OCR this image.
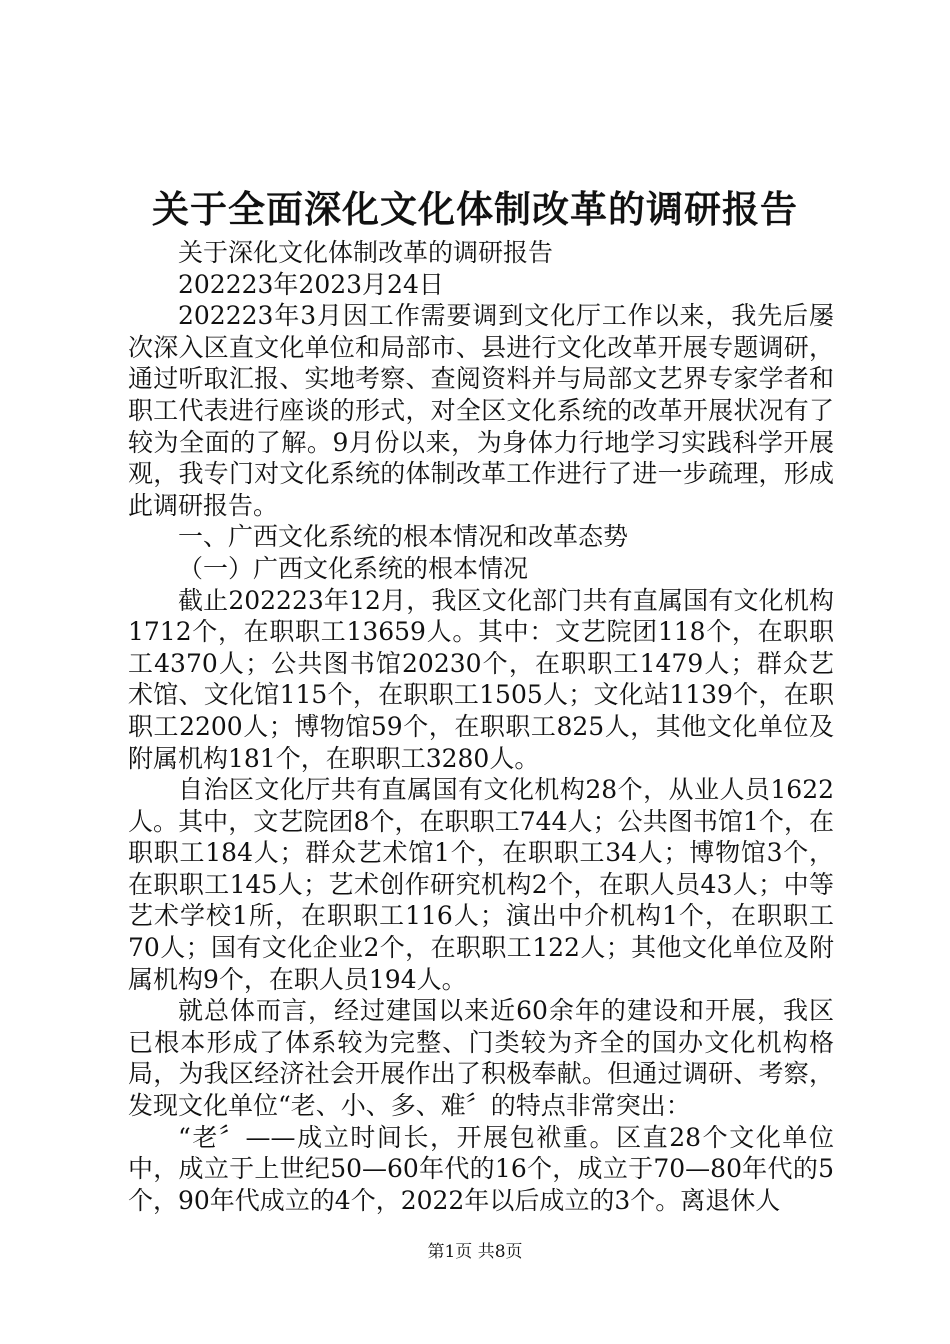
关于全面深化文化体制改革的调研报告

关于深化文化体制改革的调研报告

202223年2023月24日

202223年3月因工作需要调到文化厅工作以来，我先后屡次深入区直文化单位和局部市、县进行文化改革开展专题调研，通过听取汇报、实地考察、查阅资料并与局部文艺界专家学者和职工代表进行座谈的形式，对全区文化系统的改革开展状况有了较为全面的了解。9月份以来，为身体力行地学习实践科学开展观，我专门对文化系统的体制改革工作进行了进一步疏理，形成此调研报告。

一、广西文化系统的根本情况和改革态势

（一）广西文化系统的根本情况

截止202223年12月，我区文化部门共有直属国有文化机构1712个，在职职工13659人。其中：文艺院团118个，在职职工4370人；公共图书馆20230个，在职职工1479人；群众艺术馆、文化馆115个，在职职工1505人；文化站1139个，在职职工2200人；博物馆59个，在职职工825人，其他文化单位及附属机构181个，在职职工3280人。

自治区文化厅共有直属国有文化机构28个，从业人员1622人。其中，文艺院团8个，在职职工744人；公共图书馆1个，在职职工184人；群众艺术馆1个，在职职工34人；博物馆3个，在职职工145人；艺术创作研究机构2个，在职人员43人；中等艺术学校1所，在职职工116人；演出中介机构1个，在职职工70人；国有文化企业2个，在职职工122人；其他文化单位及附属机构9个，在职人员194人。

就总体而言，经过建国以来近60余年的建设和开展，我区已根本形成了体系较为完整、门类较为齐全的国办文化机构格局，为我区经济社会开展作出了积极奉献。但通过调研、考察，发现文化单位“老、小、多、难〞的特点非常突出：

“老〞——成立时间长，开展包袱重。区直28个文化单位中，成立于上世纪50—60年代的16个，成立于70—80年代的5个，90年代成立的4个，2022年以后成立的3个。离退休人

第1页 共8页
